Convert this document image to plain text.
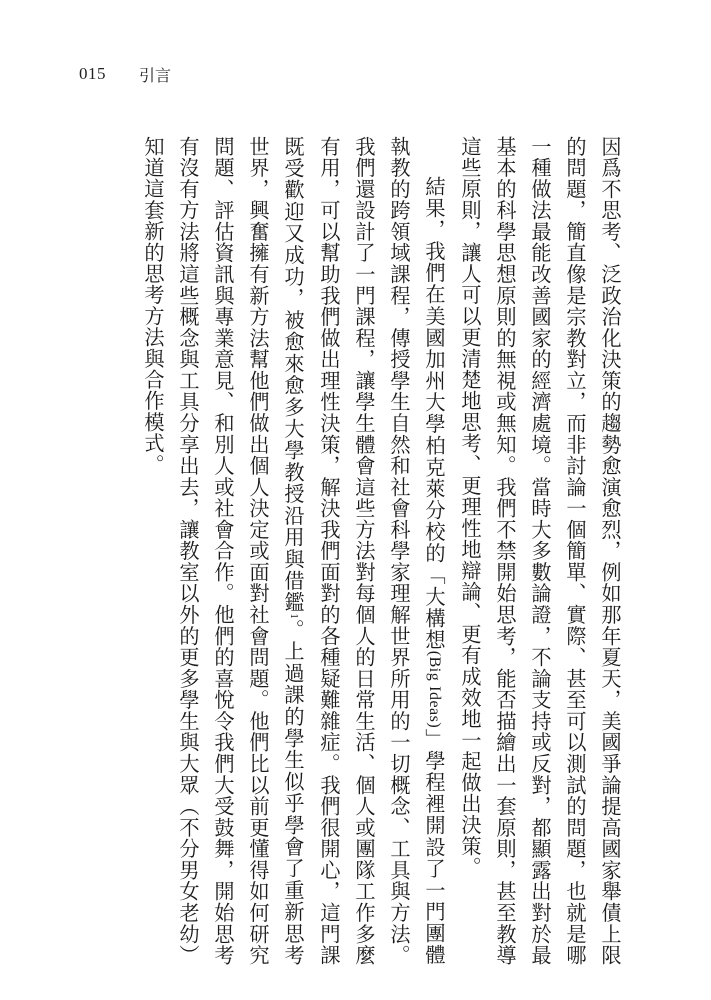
015 引言

因爲不思考、泛政治化決策的趨勢愈演愈烈，例如那年夏天，美國爭論提高國家舉債上限的問題，簡直像是宗教對立，而非討論一個簡單、實際、甚至可以測試的問題，也就是哪一種做法最能改善國家的經濟處境。當時大多數論證，不論支持或反對，都顯露出對於最基本的科學思想原則的無視或無知。我們不禁開始思考，能否描繪出一套原則，甚至教導這些原則，讓人可以更清楚地思考、更理性地辯論、更有成效地一起做出決策。

結果，我們在美國加州大學柏克萊分校的「大構想(Big Ideas)」學程裡開設了一門團體執教的跨領域課程，傳授學生自然和社會科學家理解世界所用的一切概念、工具與方法。我們還設計了一門課程，讓學生體會這些方法對每個人的日常生活、個人或團隊工作多麼有用，可以幫助我們做出理性決策，解決我們面對的各種疑難雜症。我們很開心，這門課既受歡迎又成功，被愈來愈多大學教授沿用與借鑑1。上過課的學生似乎學會了重新思考世界，興奮擁有新方法幫他們做出個人決定或面對社會問題。他們比以前更懂得如何研究問題、評估資訊與專業意見、和別人或社會合作。他們的喜悅令我們大受鼓舞，開始思考有沒有方法將這些概念與工具分享出去，讓教室以外的更多學生與大眾（不分男女老幼）知道這套新的思考方法與合作模式。
